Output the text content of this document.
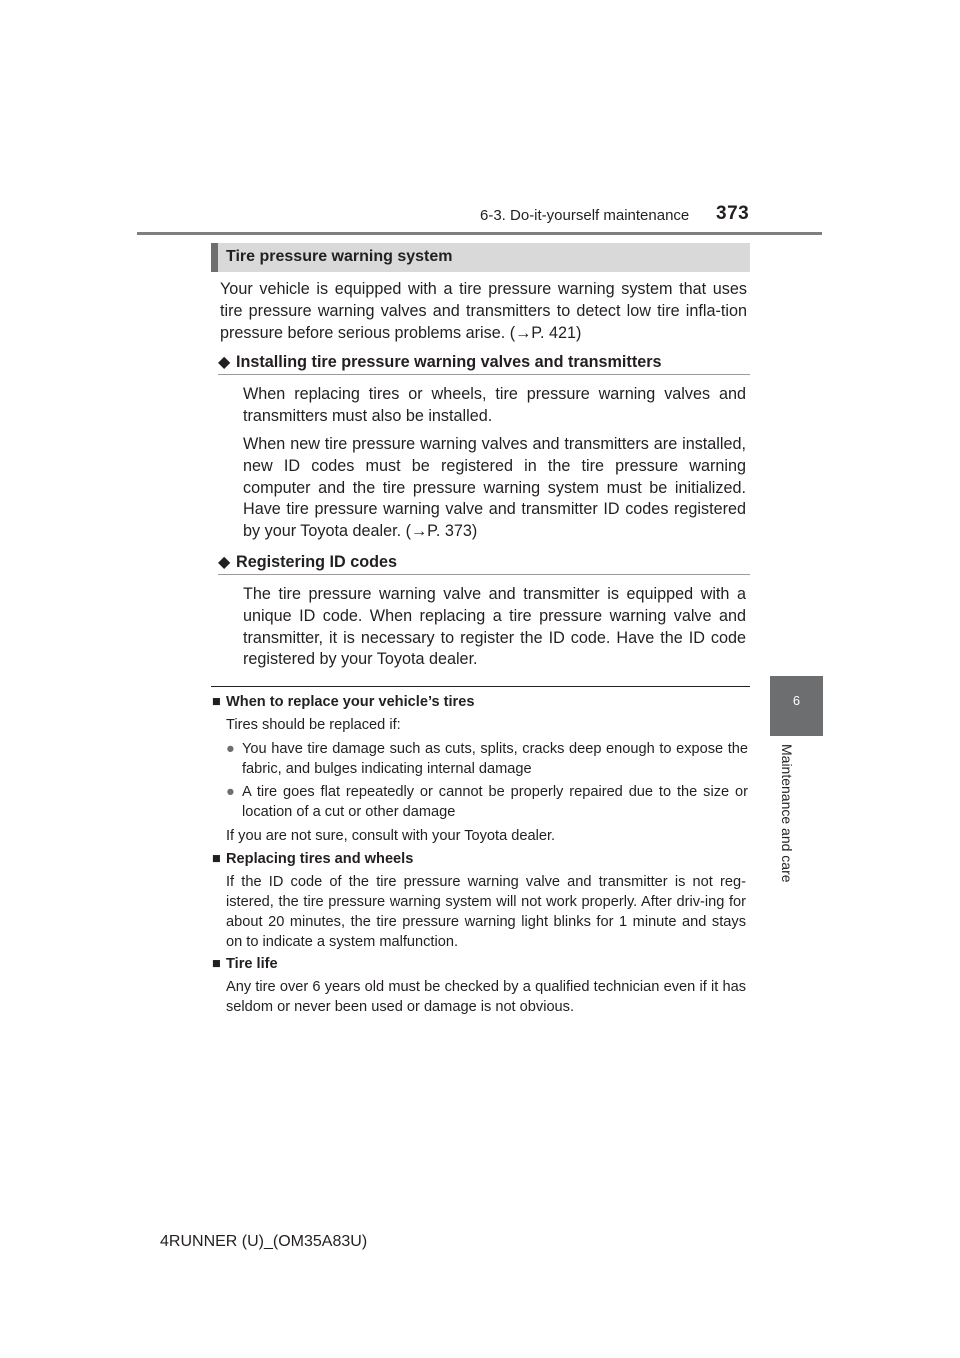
6-3. Do-it-yourself maintenance 373
6
Maintenance and care
Tire pressure warning system
Your vehicle is equipped with a tire pressure warning system that uses tire pressure warning valves and transmitters to detect low tire infla-tion pressure before serious problems arise. (→P. 421)
◆ Installing tire pressure warning valves and transmitters
When replacing tires or wheels, tire pressure warning valves and transmitters must also be installed.
When new tire pressure warning valves and transmitters are installed, new ID codes must be registered in the tire pressure warning computer and the tire pressure warning system must be initialized. Have tire pressure warning valve and transmitter ID codes registered by your Toyota dealer. (→P. 373)
◆ Registering ID codes
The tire pressure warning valve and transmitter is equipped with a unique ID code. When replacing a tire pressure warning valve and transmitter, it is necessary to register the ID code. Have the ID code registered by your Toyota dealer.
■ When to replace your vehicle’s tires
Tires should be replaced if:
● You have tire damage such as cuts, splits, cracks deep enough to expose the fabric, and bulges indicating internal damage
● A tire goes flat repeatedly or cannot be properly repaired due to the size or location of a cut or other damage
If you are not sure, consult with your Toyota dealer.
■ Replacing tires and wheels
If the ID code of the tire pressure warning valve and transmitter is not reg-istered, the tire pressure warning system will not work properly. After driv-ing for about 20 minutes, the tire pressure warning light blinks for 1 minute and stays on to indicate a system malfunction.
■ Tire life
Any tire over 6 years old must be checked by a qualified technician even if it has seldom or never been used or damage is not obvious.
4RUNNER (U)_(OM35A83U)
